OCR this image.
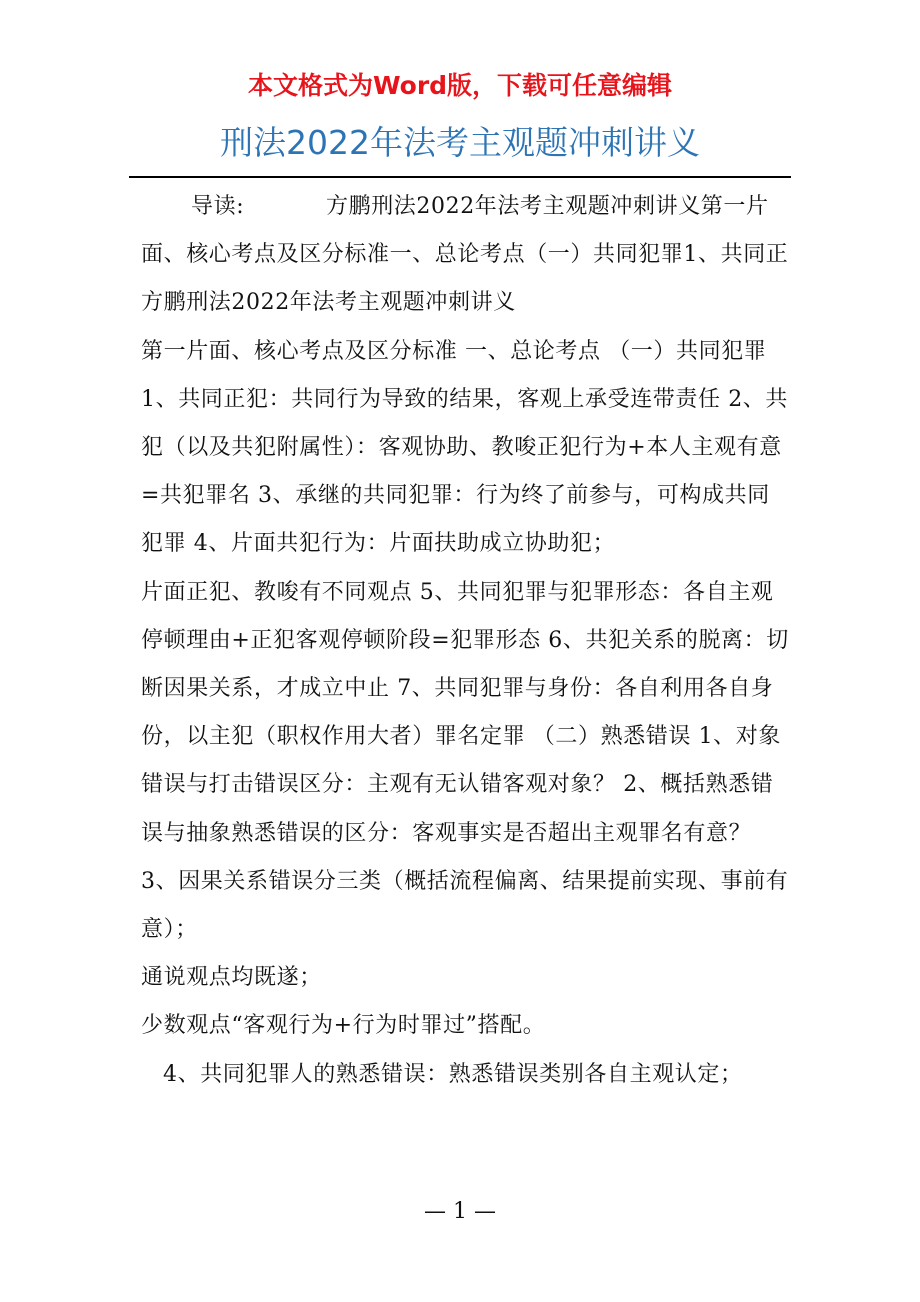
本文格式为Word版，下载可任意编辑
刑法2022年法考主观题冲刺讲义

导读:	方鹏刑法2022年法考主观题冲刺讲义第一片面、核心考点及区分标准一、总论考点（一）共同犯罪1、共同正

方鹏刑法2022年法考主观题冲刺讲义

第一片面、核心考点及区分标准 一、总论考点 （一）共同犯罪 1、共同正犯：共同行为导致的结果，客观上承受连带责任 2、共犯（以及共犯附属性）：客观协助、教唆正犯行为+本人主观有意=共犯罪名 3、承继的共同犯罪：行为终了前参与，可构成共同犯罪 4、片面共犯行为：片面扶助成立协助犯；

片面正犯、教唆有不同观点 5、共同犯罪与犯罪形态：各自主观停顿理由+正犯客观停顿阶段=犯罪形态 6、共犯关系的脱离：切断因果关系，才成立中止 7、共同犯罪与身份：各自利用各自身份，以主犯（职权作用大者）罪名定罪 （二）熟悉错误 1、对象错误与打击错误区分：主观有无认错客观对象？ 2、概括熟悉错误与抽象熟悉错误的区分：客观事实是否超出主观罪名有意？ 3、因果关系错误分三类（概括流程偏离、结果提前实现、事前有意）；

通说观点均既遂；

少数观点“客观行为+行为时罪过”搭配。

4、共同犯罪人的熟悉错误：熟悉错误类别各自主观认定；

— 1 —
